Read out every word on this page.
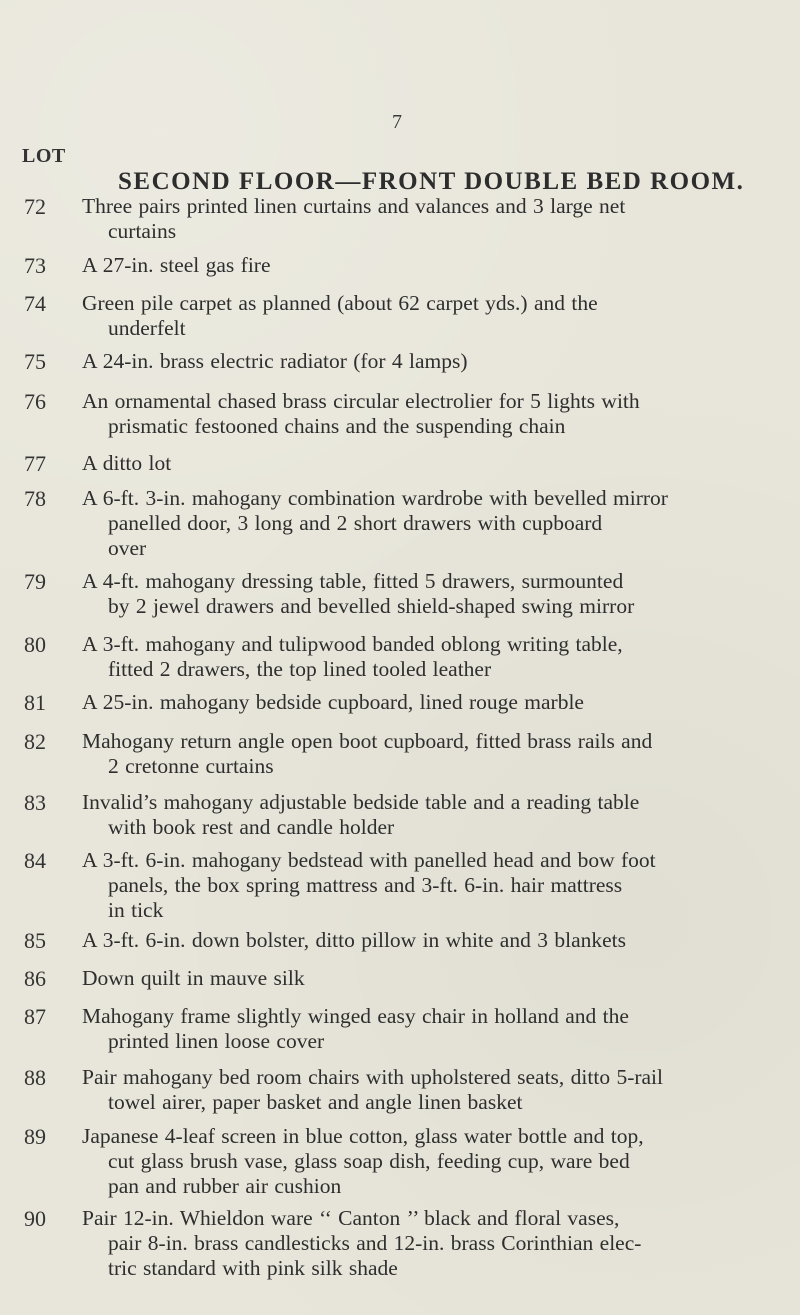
7
LOT
SECOND FLOOR—FRONT DOUBLE BED ROOM.
72	Three pairs printed linen curtains and valances and 3 large net
curtains
73	A 27-in. steel gas fire
74	Green pile carpet as planned (about 62 carpet yds.) and the
underfelt
75	A 24-in. brass electric radiator (for 4 lamps)
76	An ornamental chased brass circular electrolier for 5 lights with
prismatic festooned chains and the suspending chain
77	A ditto lot
78	A 6-ft. 3-in. mahogany combination wardrobe with bevelled mirror
panelled door, 3 long and 2 short drawers with cupboard
over
79	A 4-ft. mahogany dressing table, fitted 5 drawers, surmounted
by 2 jewel drawers and bevelled shield-shaped swing mirror
80	A 3-ft. mahogany and tulipwood banded oblong writing table,
fitted 2 drawers, the top lined tooled leather
81	A 25-in. mahogany bedside cupboard, lined rouge marble
82	Mahogany return angle open boot cupboard, fitted brass rails and
2 cretonne curtains
83	Invalid’s mahogany adjustable bedside table and a reading table
with book rest and candle holder
84	A 3-ft. 6-in. mahogany bedstead with panelled head and bow foot
panels, the box spring mattress and 3-ft. 6-in. hair mattress
in tick
85	A 3-ft. 6-in. down bolster, ditto pillow in white and 3 blankets
86	Down quilt in mauve silk
87	Mahogany frame slightly winged easy chair in holland and the
printed linen loose cover
88	Pair mahogany bed room chairs with upholstered seats, ditto 5-rail
towel airer, paper basket and angle linen basket
89	Japanese 4-leaf screen in blue cotton, glass water bottle and top,
cut glass brush vase, glass soap dish, feeding cup, ware bed
pan and rubber air cushion
90	Pair 12-in. Whieldon ware ‘‘ Canton ’’ black and floral vases,
pair 8-in. brass candlesticks and 12-in. brass Corinthian elec-
tric standard with pink silk shade
